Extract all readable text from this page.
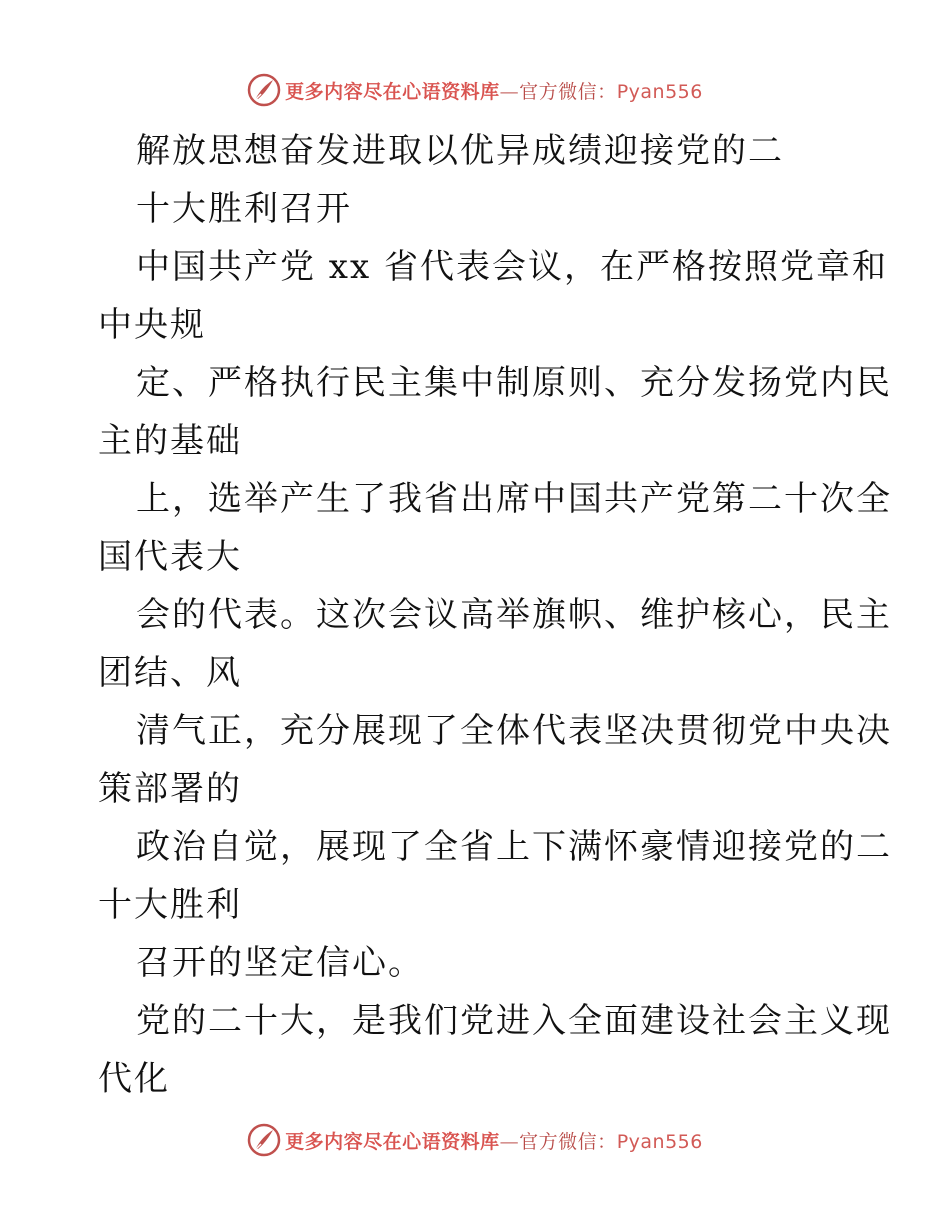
更多内容尽在心语资料库—官方微信：Pyan556
解放思想奋发进取以优异成绩迎接党的二
十大胜利召开
中国共产党 xx 省代表会议，在严格按照党章和
中央规
定、严格执行民主集中制原则、充分发扬党内民
主的基础
上，选举产生了我省出席中国共产党第二十次全
国代表大
会的代表。这次会议高举旗帜、维护核心，民主
团结、风
清气正，充分展现了全体代表坚决贯彻党中央决
策部署的
政治自觉，展现了全省上下满怀豪情迎接党的二
十大胜利
召开的坚定信心。
党的二十大，是我们党进入全面建设社会主义现
代化
更多内容尽在心语资料库—官方微信：Pyan556
